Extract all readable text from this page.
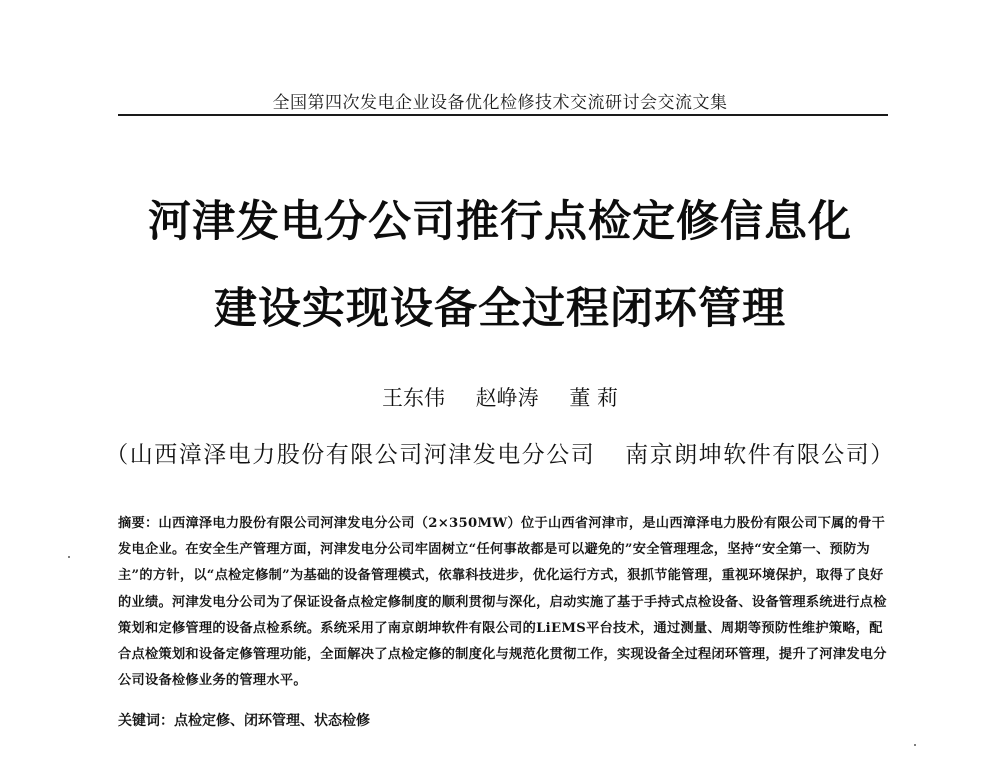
全国第四次发电企业设备优化检修技术交流研讨会交流文集
河津发电分公司推行点检定修信息化
建设实现设备全过程闭环管理
王东伟 赵峥涛 董 莉
（山西漳泽电力股份有限公司河津发电分公司 南京朗坤软件有限公司）
摘要：山西漳泽电力股份有限公司河津发电分公司（2×350MW）位于山西省河津市，是山西漳泽电力股份有限公司下属的骨干发电企业。在安全生产管理方面，河津发电分公司牢固树立“任何事故都是可以避免的”安全管理理念，坚持“安全第一、预防为主”的方针，以“点检定修制”为基础的设备管理模式，依靠科技进步，优化运行方式，狠抓节能管理，重视环境保护，取得了良好的业绩。河津发电分公司为了保证设备点检定修制度的顺利贯彻与深化，启动实施了基于手持式点检设备、设备管理系统进行点检策划和定修管理的设备点检系统。系统采用了南京朗坤软件有限公司的LiEMS平台技术，通过测量、周期等预防性维护策略，配合点检策划和设备定修管理功能，全面解决了点检定修的制度化与规范化贯彻工作，实现设备全过程闭环管理，提升了河津发电分公司设备检修业务的管理水平。
关键词：点检定修、闭环管理、状态检修
